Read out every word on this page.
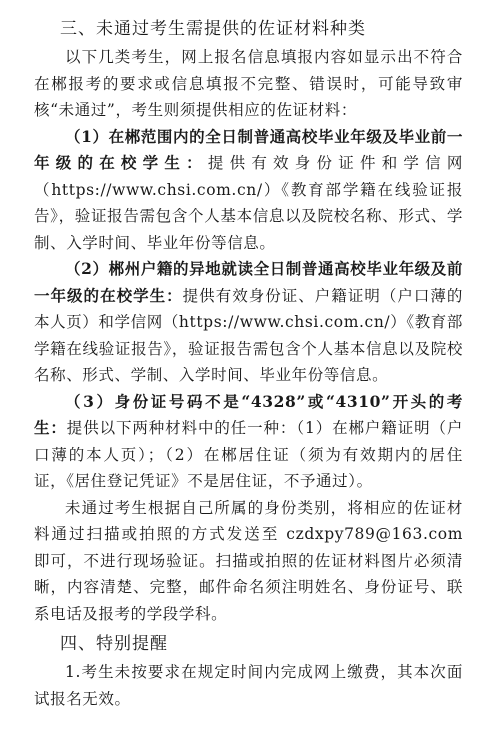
三、未通过考生需提供的佐证材料种类

以下几类考生，网上报名信息填报内容如显示出不符合在郴报考的要求或信息填报不完整、错误时，可能导致审核“未通过”，考生则须提供相应的佐证材料：

（1）在郴范围内的全日制普通高校毕业年级及毕业前一年级的在校学生：提供有效身份证件和学信网（https://www.chsi.com.cn/）《教育部学籍在线验证报告》，验证报告需包含个人基本信息以及院校名称、形式、学制、入学时间、毕业年份等信息。

（2）郴州户籍的异地就读全日制普通高校毕业年级及前一年级的在校学生：提供有效身份证、户籍证明（户口薄的本人页）和学信网（https://www.chsi.com.cn/）《教育部学籍在线验证报告》，验证报告需包含个人基本信息以及院校名称、形式、学制、入学时间、毕业年份等信息。

（3）身份证号码不是“4328”或“4310”开头的考生：提供以下两种材料中的任一种：（1）在郴户籍证明（户口薄的本人页）；（2）在郴居住证（须为有效期内的居住证，《居住登记凭证》不是居住证，不予通过）。

未通过考生根据自己所属的身份类别，将相应的佐证材料通过扫描或拍照的方式发送至 czdxpy789@163.com 即可，不进行现场验证。扫描或拍照的佐证材料图片必须清晰，内容清楚、完整，邮件命名须注明姓名、身份证号、联系电话及报考的学段学科。

四、特别提醒

1.考生未按要求在规定时间内完成网上缴费，其本次面试报名无效。
